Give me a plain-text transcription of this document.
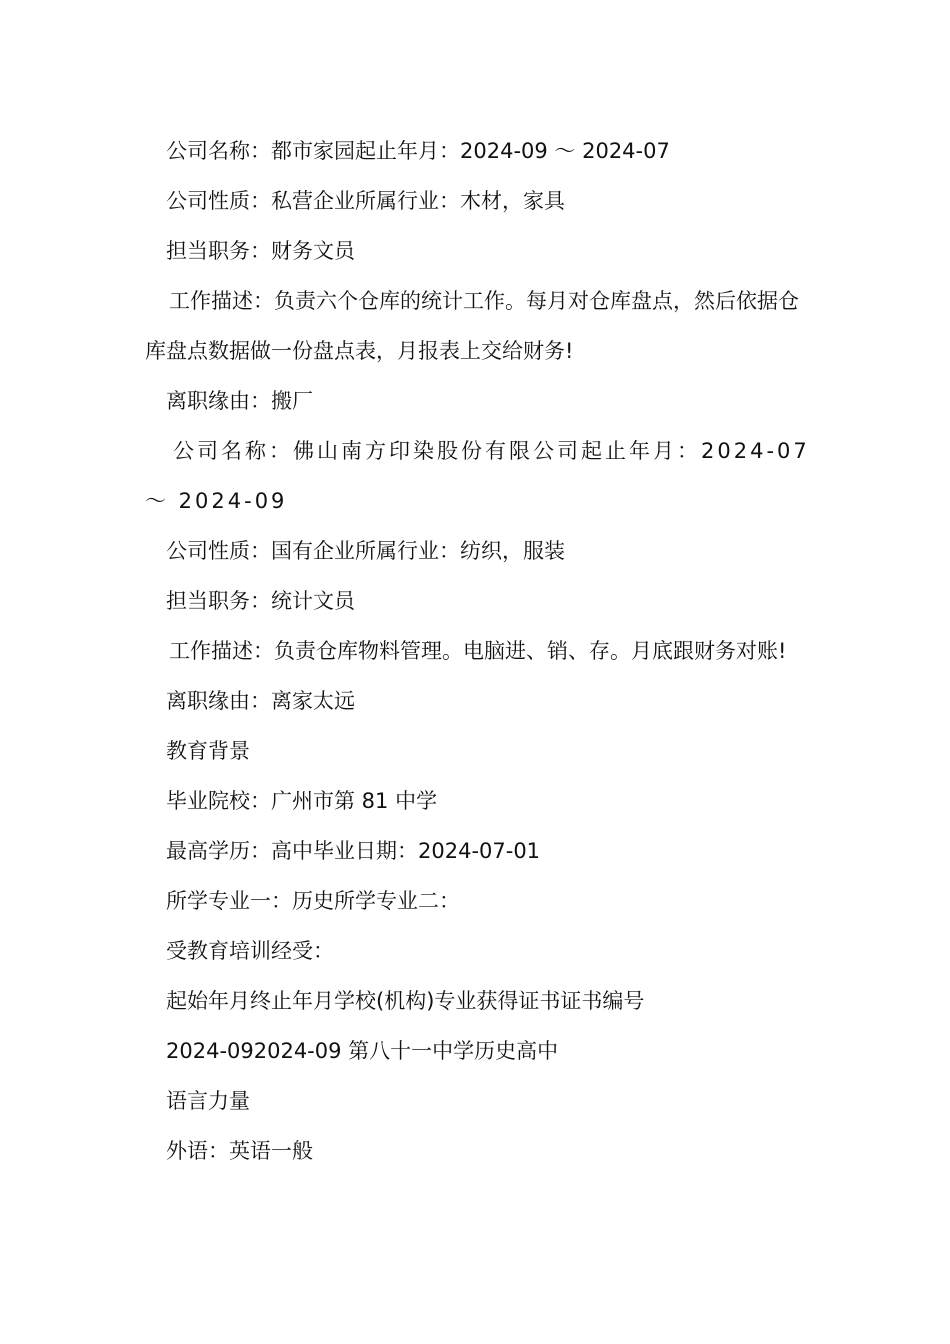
公司名称：都市家园起止年月：2024-09 ～ 2024-07

公司性质：私营企业所属行业：木材，家具

担当职务：财务文员

工作描述：负责六个仓库的统计工作。每月对仓库盘点，然后依据仓库盘点数据做一份盘点表，月报表上交给财务!

离职缘由：搬厂

公司名称：佛山南方印染股份有限公司起止年月：2024-07 ～ 2024-09

公司性质：国有企业所属行业：纺织，服装

担当职务：统计文员

工作描述：负责仓库物料管理。电脑进、销、存。月底跟财务对账!

离职缘由：离家太远

教育背景

毕业院校：广州市第 81 中学

最高学历：高中毕业日期：2024-07-01

所学专业一：历史所学专业二：

受教育培训经受：

起始年月终止年月学校(机构)专业获得证书证书编号

2024-092024-09 第八十一中学历史高中

语言力量

外语：英语一般
